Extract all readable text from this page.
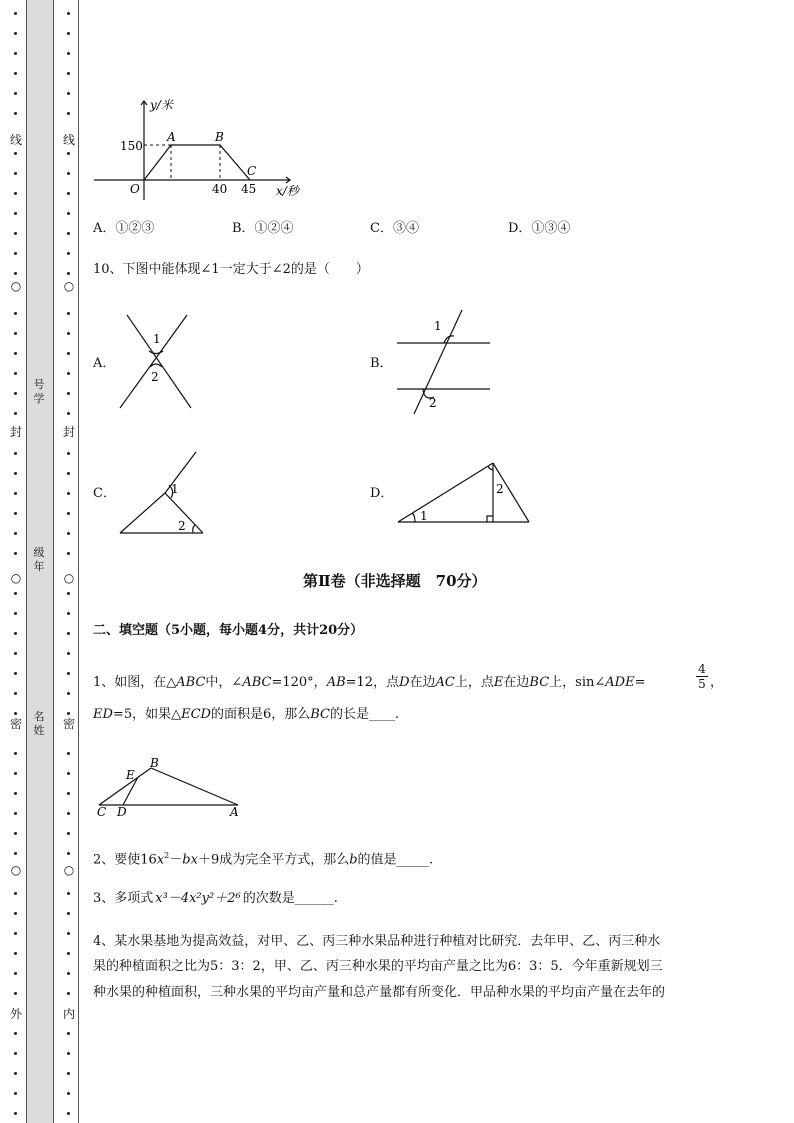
线
封
密
外
○
○
○
号学
级年
名姓
线
封
密
内
○
○
○
y/米
x/秒
O
150
40 45
A	B
C
A．①②③	B．①②④	C．③④	D．①③④
10、下图中能体现∠1一定大于∠2的是（　　）
A．
1
2
B．
1
2
C．	1
2
D．
1
2
第Ⅱ卷（非选择题　70分）
二、填空题（5小题，每小题4分，共计20分）
1、如图，在△ABC中，∠ABC=120°，AB=12，点D在边AC上，点E在边BC上，sin∠ADE=
4
5 ，
ED=5，如果△ECD的面积是6，那么BC的长是____.
B
E
C D	A
2、要使$16x^2-bx+9$成为完全平方式，那么b的值是_____.
3、多项式 x³－4x²y²＋2⁶ 的次数是______.
4、某水果基地为提高效益，对甲、乙、丙三种水果品种进行种植对比研究．去年甲、乙、丙三种水
果的种植面积之比为5：3：2，甲、乙、丙三种水果的平均亩产量之比为6：3：5．今年重新规划三
种水果的种植面积，三种水果的平均亩产量和总产量都有所变化．甲品种水果的平均亩产量在去年的
